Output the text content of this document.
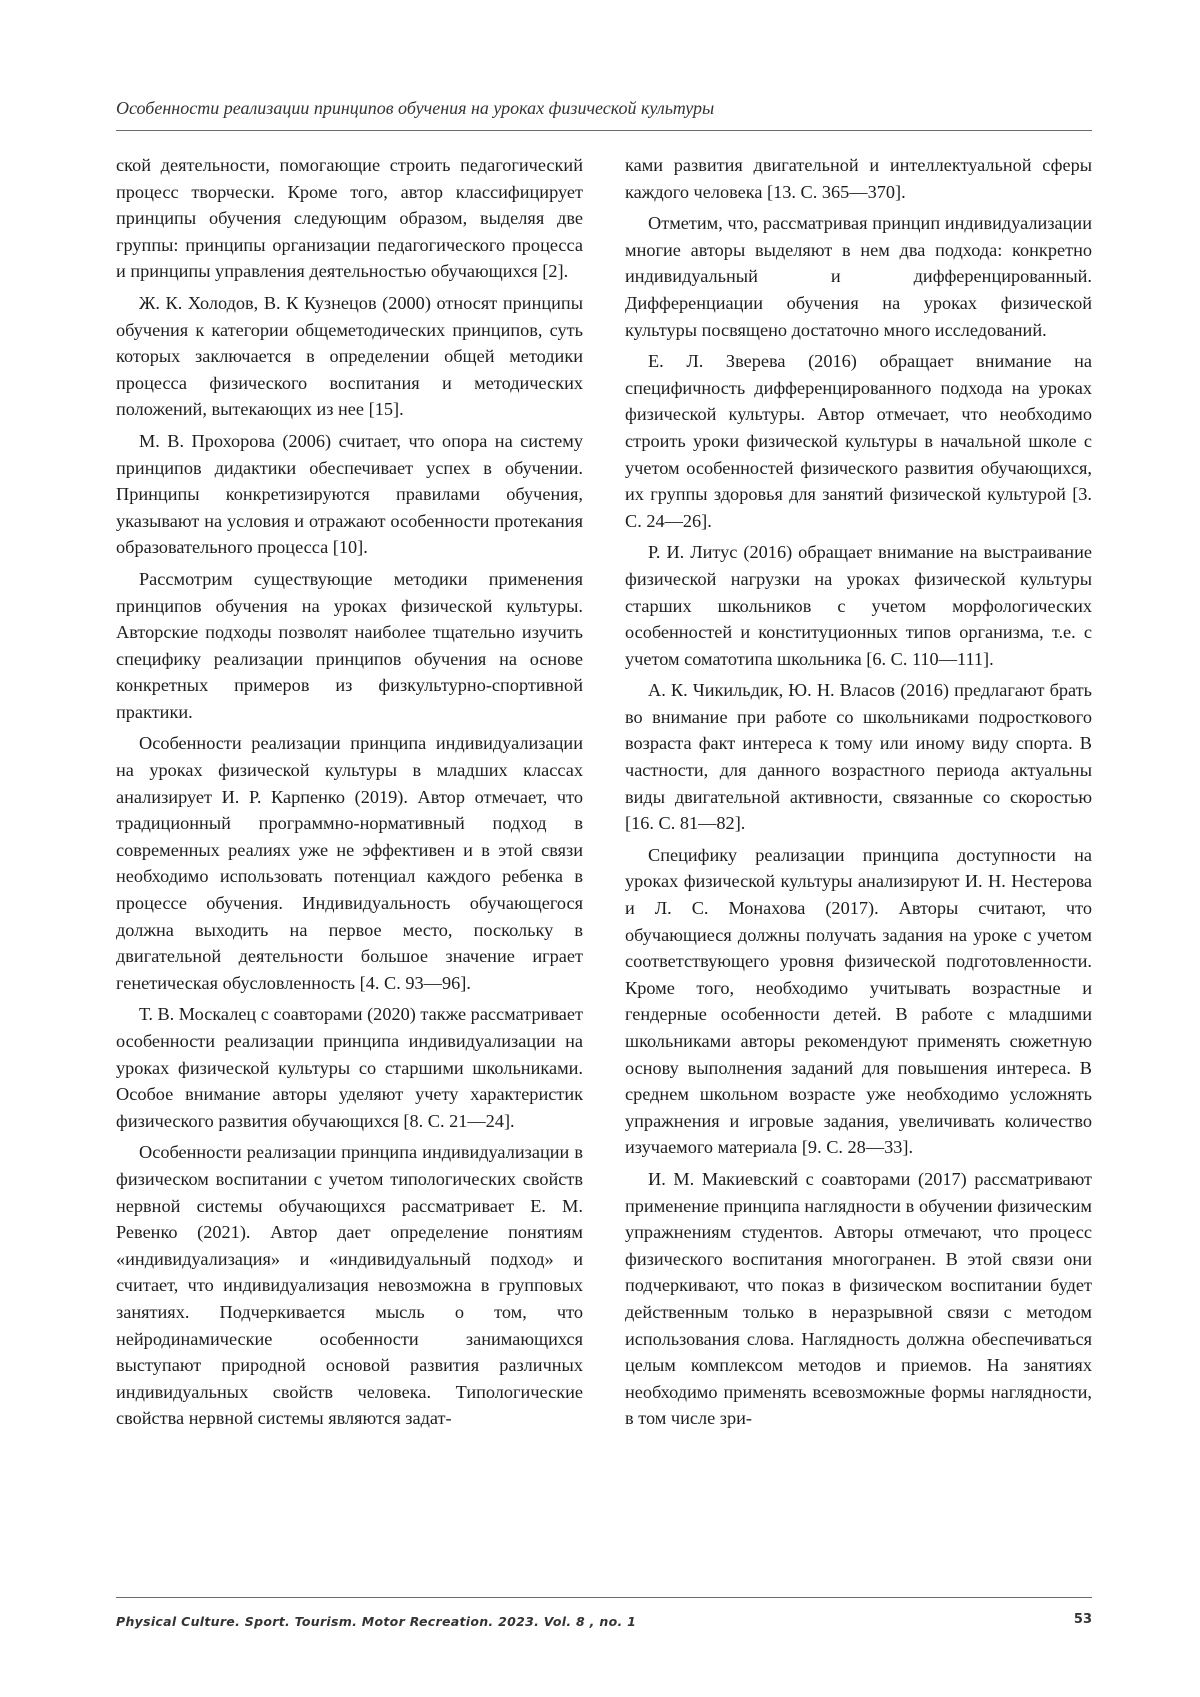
Особенности реализации принципов обучения на уроках физической культуры

ской деятельности, помогающие строить педагогический процесс творчески. Кроме того, автор классифицирует принципы обучения следующим образом, выделяя две группы: принципы организации педагогического процесса и принципы управления деятельностью обучающихся [2].

Ж. К. Холодов, В. К Кузнецов (2000) относят принципы обучения к категории общеметодических принципов, суть которых заключается в определении общей методики процесса физического воспитания и методических положений, вытекающих из нее [15].

М. В. Прохорова (2006) считает, что опора на систему принципов дидактики обеспечивает успех в обучении. Принципы конкретизируются правилами обучения, указывают на условия и отражают особенности протекания образовательного процесса [10].

Рассмотрим существующие методики применения принципов обучения на уроках физической культуры. Авторские подходы позволят наиболее тщательно изучить специфику реализации принципов обучения на основе конкретных примеров из физкультурно-спортивной практики.

Особенности реализации принципа индивидуализации на уроках физической культуры в младших классах анализирует И. Р. Карпенко (2019). Автор отмечает, что традиционный программно-нормативный подход в современных реалиях уже не эффективен и в этой связи необходимо использовать потенциал каждого ребенка в процессе обучения. Индивидуальность обучающегося должна выходить на первое место, поскольку в двигательной деятельности большое значение играет генетическая обусловленность [4. С. 93—96].

Т. В. Москалец с соавторами (2020) также рассматривает особенности реализации принципа индивидуализации на уроках физической культуры со старшими школьниками. Особое внимание авторы уделяют учету характеристик физического развития обучающихся [8. С. 21—24].

Особенности реализации принципа индивидуализации в физическом воспитании с учетом типологических свойств нервной системы обучающихся рассматривает Е. М. Ревенко (2021). Автор дает определение понятиям «индивидуализация» и «индивидуальный подход» и считает, что индивидуализация невозможна в групповых занятиях. Подчеркивается мысль о том, что нейродинамические особенности занимающихся выступают природной основой развития различных индивидуальных свойств человека. Типологические свойства нервной системы являются задат-

ками развития двигательной и интеллектуальной сферы каждого человека [13. С. 365—370].

Отметим, что, рассматривая принцип индивидуализации многие авторы выделяют в нем два подхода: конкретно индивидуальный и дифференцированный. Дифференциации обучения на уроках физической культуры посвящено достаточно много исследований.

Е. Л. Зверева (2016) обращает внимание на специфичность дифференцированного подхода на уроках физической культуры. Автор отмечает, что необходимо строить уроки физической культуры в начальной школе с учетом особенностей физического развития обучающихся, их группы здоровья для занятий физической культурой [3. С. 24—26].

Р. И. Литус (2016) обращает внимание на выстраивание физической нагрузки на уроках физической культуры старших школьников с учетом морфологических особенностей и конституционных типов организма, т.е. с учетом соматотипа школьника [6. С. 110—111].

А. К. Чикильдик, Ю. Н. Власов (2016) предлагают брать во внимание при работе со школьниками подросткового возраста факт интереса к тому или иному виду спорта. В частности, для данного возрастного периода актуальны виды двигательной активности, связанные со скоростью [16. С. 81—82].

Специфику реализации принципа доступности на уроках физической культуры анализируют И. Н. Нестерова и Л. С. Монахова (2017). Авторы считают, что обучающиеся должны получать задания на уроке с учетом соответствующего уровня физической подготовленности. Кроме того, необходимо учитывать возрастные и гендерные особенности детей. В работе с младшими школьниками авторы рекомендуют применять сюжетную основу выполнения заданий для повышения интереса. В среднем школьном возрасте уже необходимо усложнять упражнения и игровые задания, увеличивать количество изучаемого материала [9. С. 28—33].

И. М. Макиевский с соавторами (2017) рассматривают применение принципа наглядности в обучении физическим упражнениям студентов. Авторы отмечают, что процесс физического воспитания многогранен. В этой связи они подчеркивают, что показ в физическом воспитании будет действенным только в неразрывной связи с методом использования слова. Наглядность должна обеспечиваться целым комплексом методов и приемов. На занятиях необходимо применять всевозможные формы наглядности, в том числе зри-

Physical Culture. Sport. Tourism. Motor Recreation. 2023. Vol. 8 , no. 1	53
